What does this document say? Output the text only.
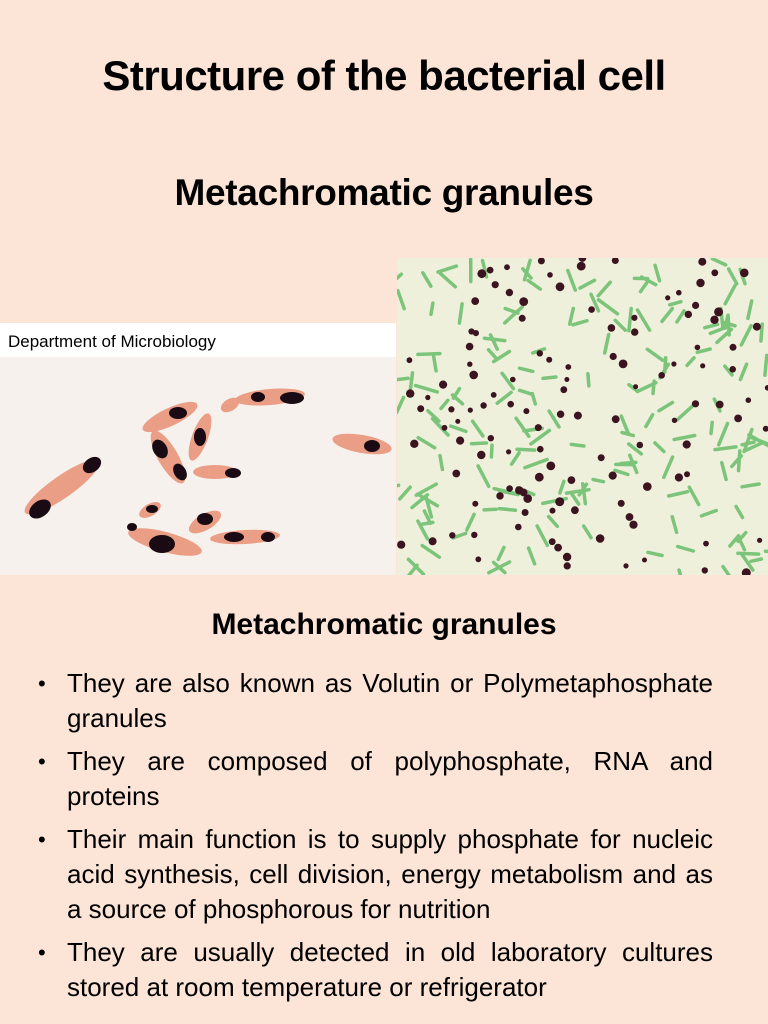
Structure of the bacterial cell
Metachromatic granules
Department of Microbiology
Metachromatic granules
• They are also known as Volutin or Polymetaphosphate granules
• They are composed of polyphosphate, RNA and proteins
• Their main function is to supply phosphate for nucleic acid synthesis, cell division, energy metabolism and as a source of phosphorous for nutrition
• They are usually detected in old laboratory cultures stored at room temperature or refrigerator
